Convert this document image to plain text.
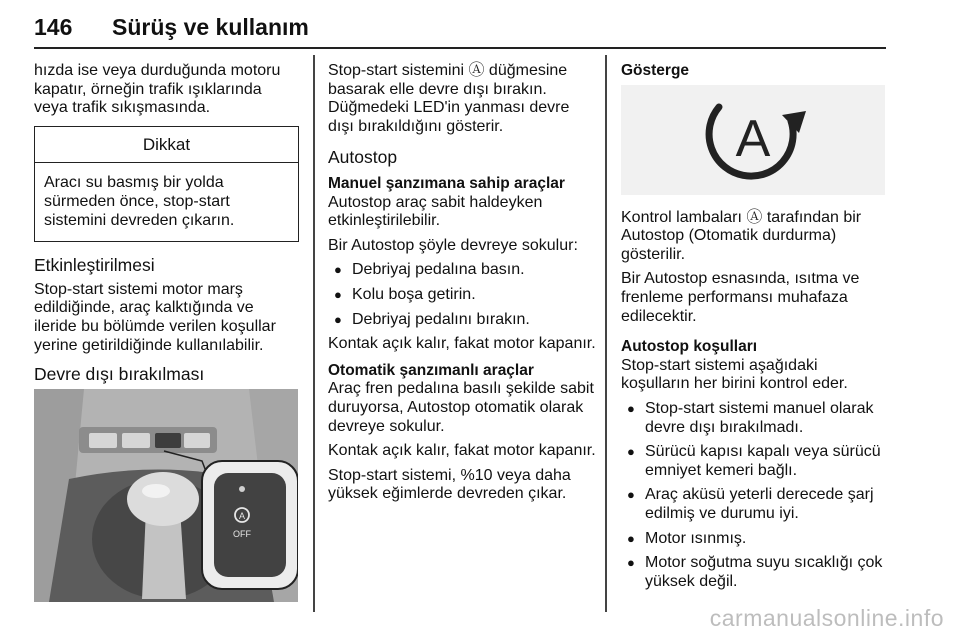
146 Sürüş ve kullanım

hızda ise veya durduğunda motoru kapatır, örneğin trafik ışıklarında veya trafik sıkışmasında.

Dikkat
Aracı su basmış bir yolda sürmeden önce, stop-start sistemini devreden çıkarın.
Etkinleştirilmesi

Stop-start sistemi motor marş edildiğinde, araç kalktığında ve ileride bu bölümde verilen koşullar yerine getirildiğinde kullanılabilir.

Devre dışı bırakılması
A
OFF

Stop-start sistemini Ⓐ düğmesine basarak elle devre dışı bırakın. Düğmedeki LED'in yanması devre dışı bırakıldığını gösterir.

Autostop
Manuel şanzımana sahip araçlar

Autostop araç sabit haldeyken etkinleştirilebilir.

Bir Autostop şöyle devreye sokulur:

● Debriyaj pedalına basın.
● Kolu boşa getirin.
● Debriyaj pedalını bırakın.

Kontak açık kalır, fakat motor kapanır.

Otomatik şanzımanlı araçlar

Araç fren pedalına basılı şekilde sabit duruyorsa, Autostop otomatik olarak devreye sokulur.

Kontak açık kalır, fakat motor kapanır.

Stop-start sistemi, %10 veya daha yüksek eğimlerde devreden çıkar.

Gösterge
A

Kontrol lambaları Ⓐ tarafından bir Autostop (Otomatik durdurma) gösterilir.

Bir Autostop esnasında, ısıtma ve frenleme performansı muhafaza edilecektir.

Autostop koşulları

Stop-start sistemi aşağıdaki koşulların her birini kontrol eder.

● Stop-start sistemi manuel olarak devre dışı bırakılmadı.
● Sürücü kapısı kapalı veya sürücü emniyet kemeri bağlı.
● Araç aküsü yeterli derecede şarj edilmiş ve durumu iyi.
● Motor ısınmış.
● Motor soğutma suyu sıcaklığı çok yüksek değil.
carmanualsonline.info
